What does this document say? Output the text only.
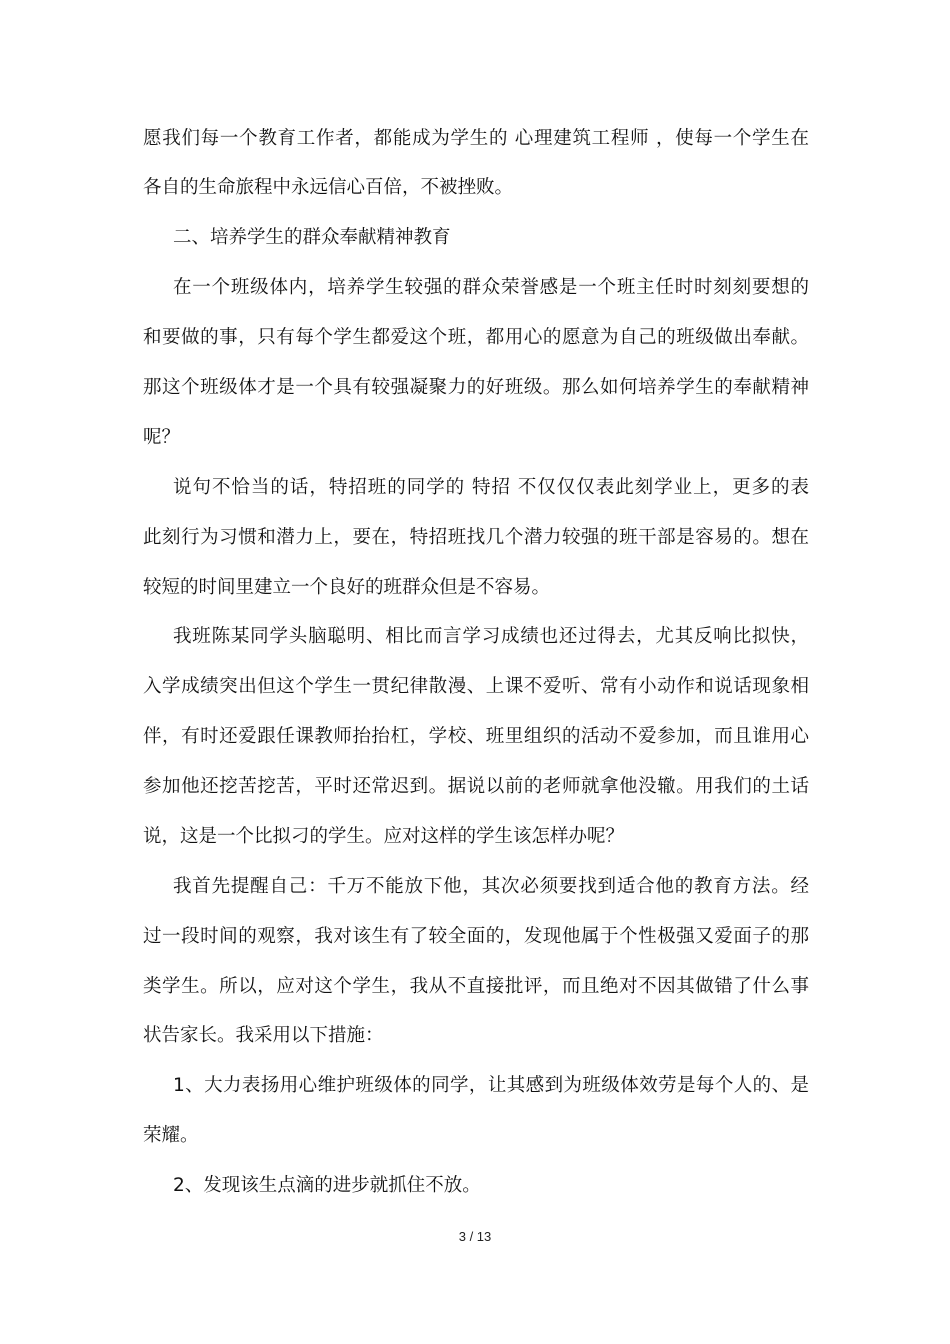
愿我们每一个教育工作者，都能成为学生的 心理建筑工程师 ，使每一个学生在
各自的生命旅程中永远信心百倍，不被挫败。
二、培养学生的群众奉献精神教育
在一个班级体内，培养学生较强的群众荣誉感是一个班主任时时刻刻要想的
和要做的事，只有每个学生都爱这个班，都用心的愿意为自己的班级做出奉献。
那这个班级体才是一个具有较强凝聚力的好班级。那么如何培养学生的奉献精神
呢？
说句不恰当的话，特招班的同学的 特招 不仅仅仅表此刻学业上，更多的表
此刻行为习惯和潜力上，要在，特招班找几个潜力较强的班干部是容易的。想在
较短的时间里建立一个良好的班群众但是不容易。
我班陈某同学头脑聪明、相比而言学习成绩也还过得去，尤其反响比拟快，
入学成绩突出但这个学生一贯纪律散漫、上课不爱听、常有小动作和说话现象相
伴，有时还爱跟任课教师抬抬杠，学校、班里组织的活动不爱参加，而且谁用心
参加他还挖苦挖苦，平时还常迟到。据说以前的老师就拿他没辙。用我们的土话
说，这是一个比拟刁的学生。应对这样的学生该怎样办呢？
我首先提醒自己：千万不能放下他，其次必须要找到适合他的教育方法。经
过一段时间的观察，我对该生有了较全面的，发现他属于个性极强又爱面子的那
类学生。所以，应对这个学生，我从不直接批评，而且绝对不因其做错了什么事
状告家长。我采用以下措施：
1、大力表扬用心维护班级体的同学，让其感到为班级体效劳是每个人的、是
荣耀。
2、发现该生点滴的进步就抓住不放。
3 / 13
